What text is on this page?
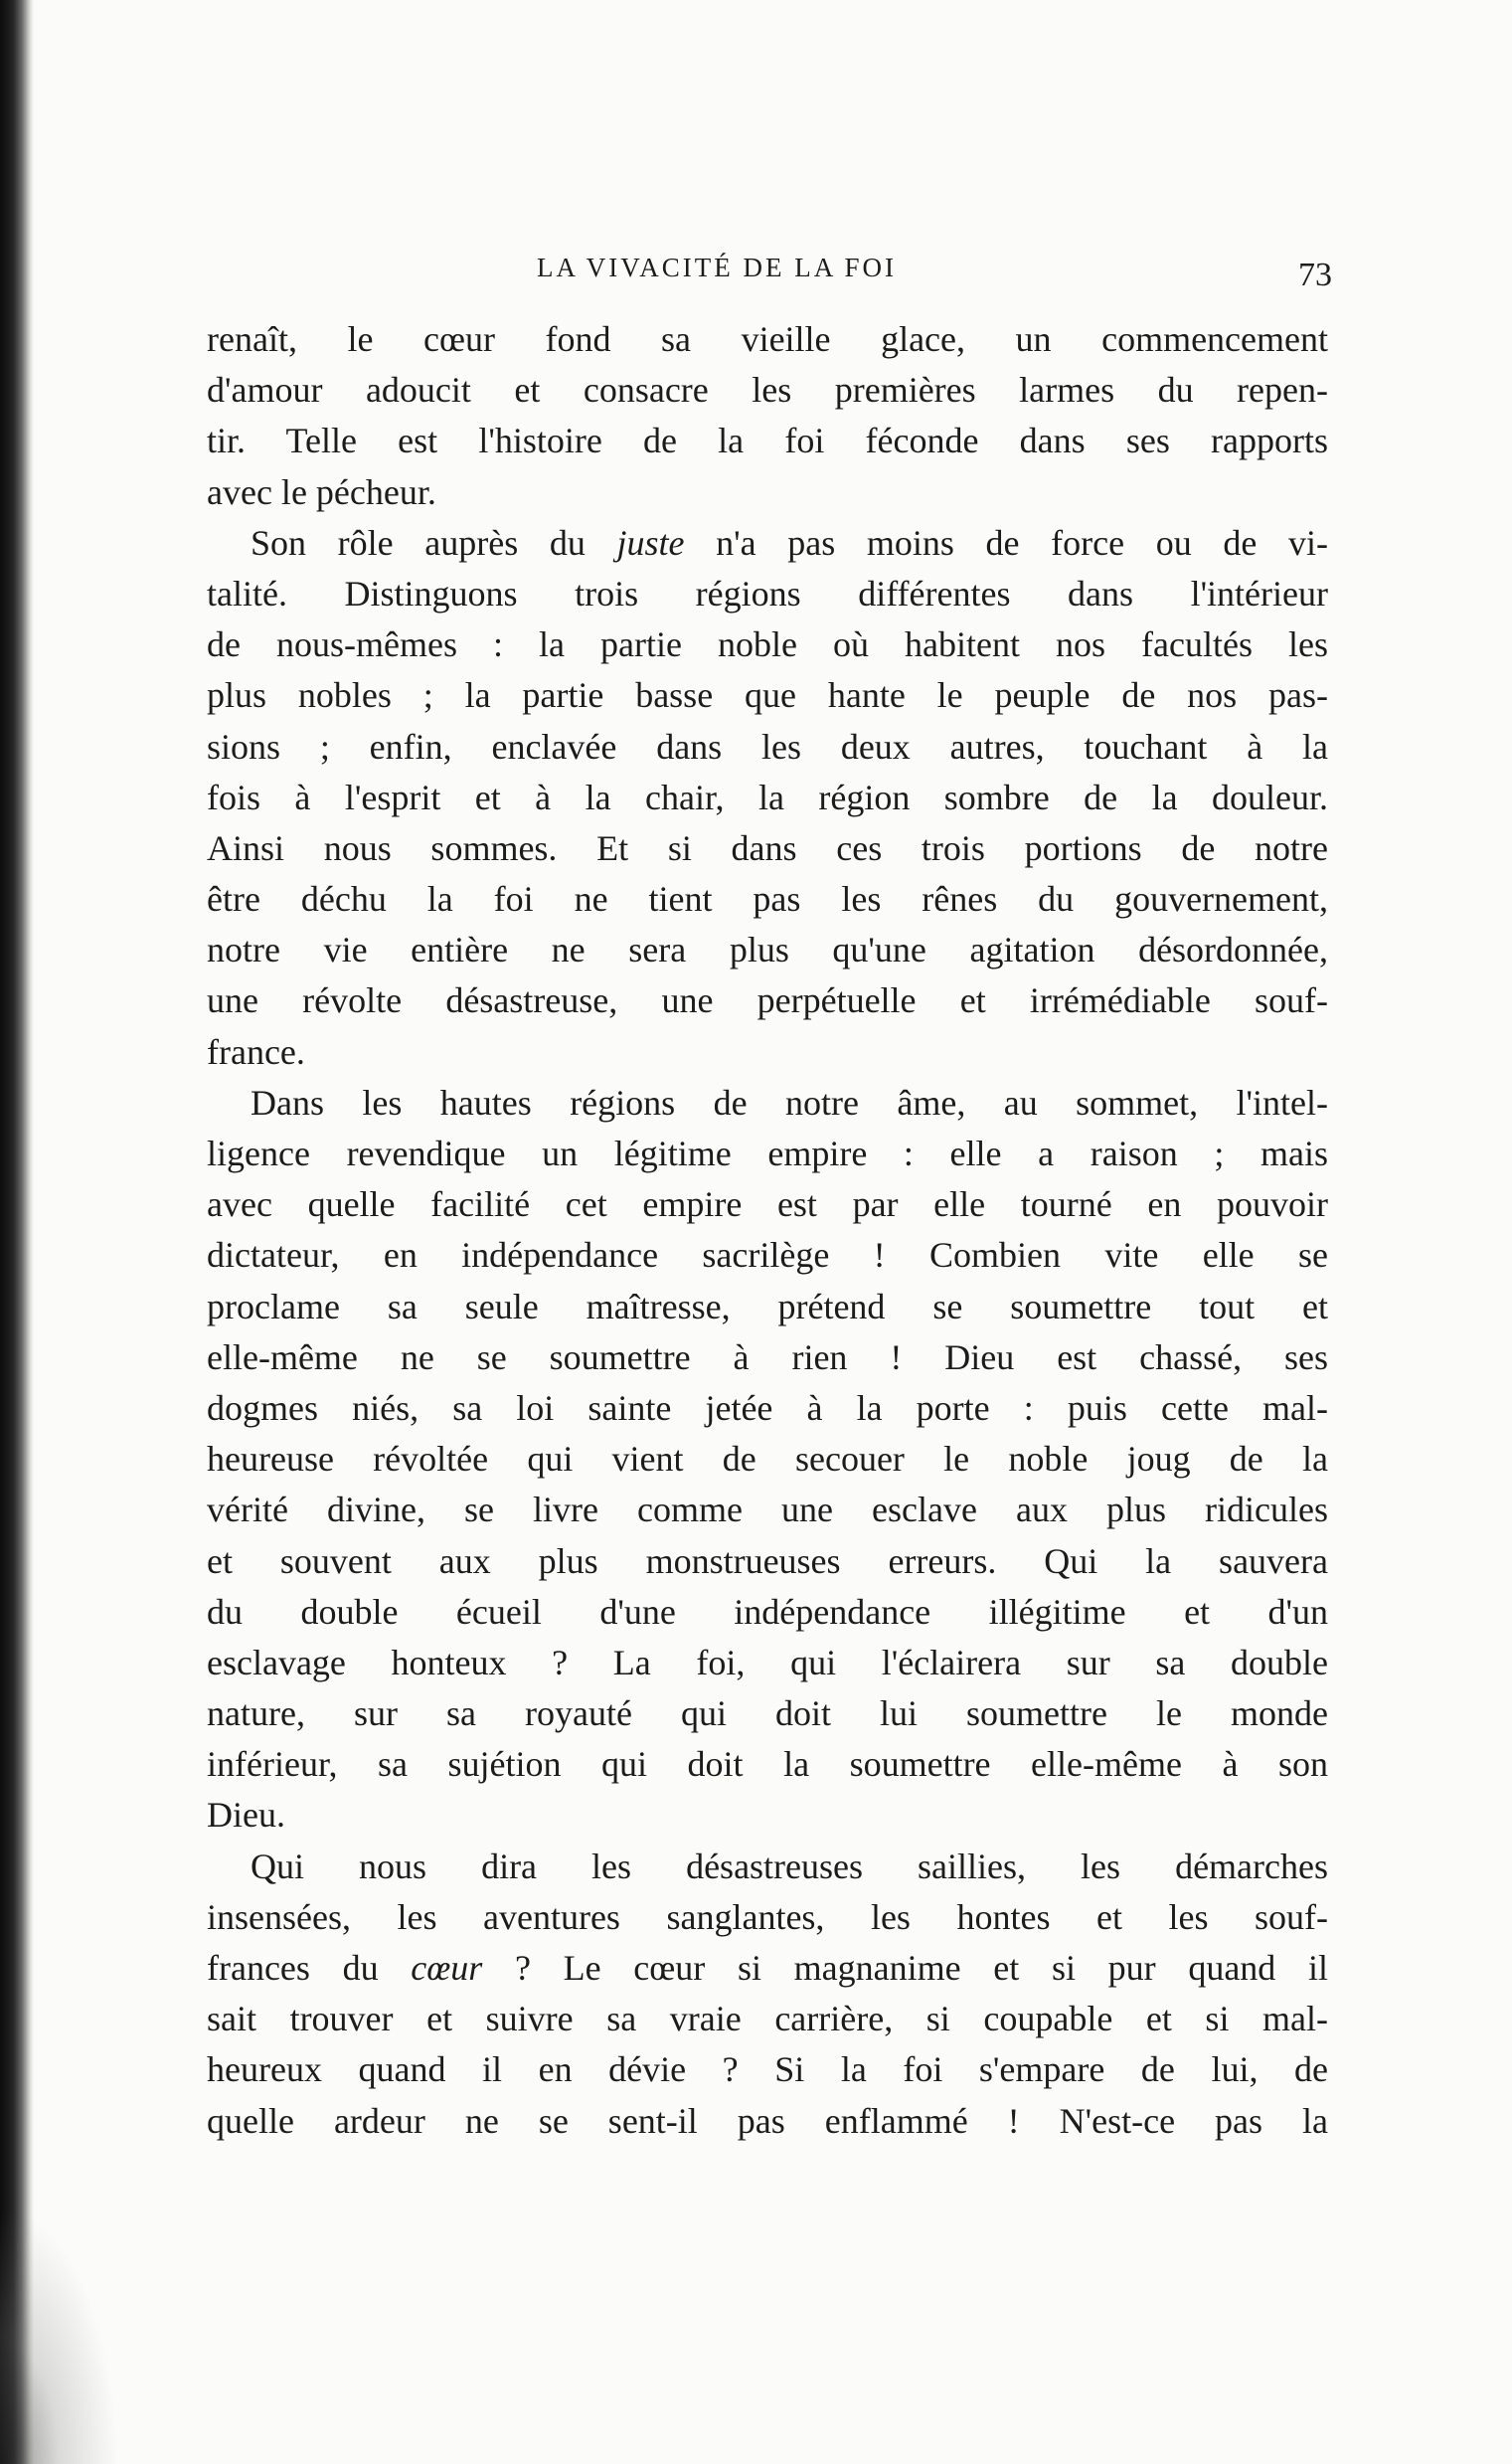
LA VIVACITÉ DE LA FOI	73
renaît, le cœur fond sa vieille glace, un commencement
d'amour adoucit et consacre les premières larmes du repen-
tir. Telle est l'histoire de la foi féconde dans ses rapports
avec le pécheur.
Son rôle auprès du juste n'a pas moins de force ou de vi-
talité. Distinguons trois régions différentes dans l'intérieur
de nous-mêmes : la partie noble où habitent nos facultés les
plus nobles ; la partie basse que hante le peuple de nos pas-
sions ; enfin, enclavée dans les deux autres, touchant à la
fois à l'esprit et à la chair, la région sombre de la douleur.
Ainsi nous sommes. Et si dans ces trois portions de notre
être déchu la foi ne tient pas les rênes du gouvernement,
notre vie entière ne sera plus qu'une agitation désordonnée,
une révolte désastreuse, une perpétuelle et irrémédiable souf-
france.
Dans les hautes régions de notre âme, au sommet, l'intel-
ligence revendique un légitime empire : elle a raison ; mais
avec quelle facilité cet empire est par elle tourné en pouvoir
dictateur, en indépendance sacrilège ! Combien vite elle se
proclame sa seule maîtresse, prétend se soumettre tout et
elle-même ne se soumettre à rien ! Dieu est chassé, ses
dogmes niés, sa loi sainte jetée à la porte : puis cette mal-
heureuse révoltée qui vient de secouer le noble joug de la
vérité divine, se livre comme une esclave aux plus ridicules
et souvent aux plus monstrueuses erreurs. Qui la sauvera
du double écueil d'une indépendance illégitime et d'un
esclavage honteux ? La foi, qui l'éclairera sur sa double
nature, sur sa royauté qui doit lui soumettre le monde
inférieur, sa sujétion qui doit la soumettre elle-même à son
Dieu.
Qui nous dira les désastreuses saillies, les démarches
insensées, les aventures sanglantes, les hontes et les souf-
frances du cœur ? Le cœur si magnanime et si pur quand il
sait trouver et suivre sa vraie carrière, si coupable et si mal-
heureux quand il en dévie ? Si la foi s'empare de lui, de
quelle ardeur ne se sent-il pas enflammé ! N'est-ce pas la
